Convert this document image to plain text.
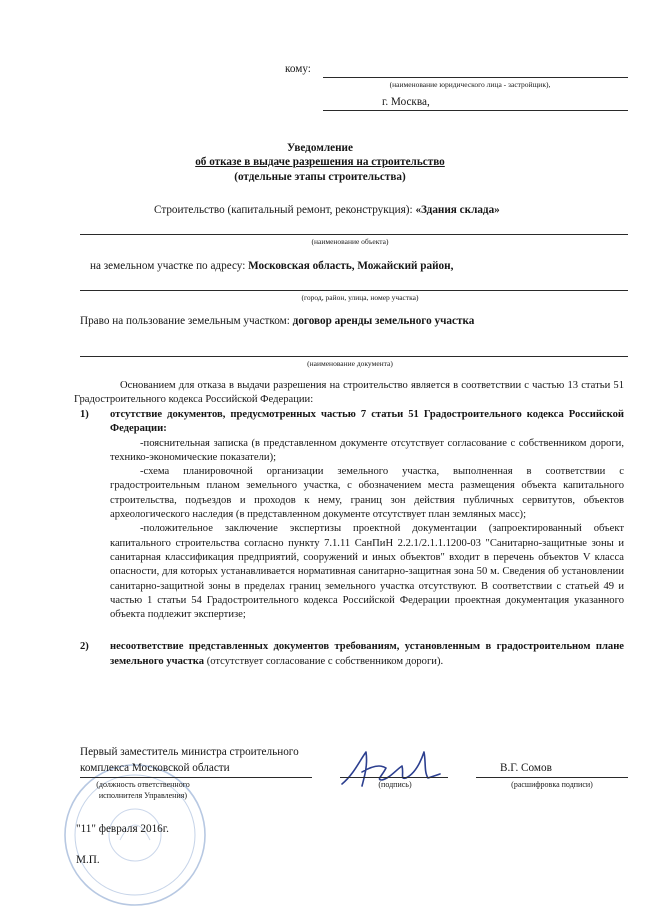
кому:
(наименование юридического лица - застройщик),
г. Москва,
Уведомление
об отказе в выдаче разрешения на строительство
(отдельные этапы строительства)
Строительство (капитальный ремонт, реконструкция): «Здания склада»
(наименование объекта)
на земельном участке по адресу: Московская область, Можайский район,
(город, район, улица, номер участка)
Право на пользование земельным участком: договор аренды земельного участка
(наименование документа)
Основанием для отказа в выдачи разрешения на строительство является в соответствии с частью 13 статьи 51 Градостроительного кодекса Российской Федерации:
1)	отсутствие документов, предусмотренных частью 7 статьи 51 Градостроительного кодекса Российской Федерации:
-пояснительная записка (в представленном документе отсутствует согласование с собственником дороги, технико-экономические показатели);
-схема планировочной организации земельного участка, выполненная в соответствии с градостроительным планом земельного участка, с обозначением места размещения объекта капитального строительства, подъездов и проходов к нему, границ зон действия публичных сервитутов, объектов археологического наследия (в представленном документе отсутствует план земляных масс);
-положительное заключение экспертизы проектной документации (запроектированный объект капитального строительства согласно пункту 7.1.11 СанПиН 2.2.1/2.1.1.1200-03 "Санитарно-защитные зоны и санитарная классификация предприятий, сооружений и иных объектов" входит в перечень объектов V класса опасности, для которых устанавливается нормативная санитарно-защитная зона 50 м. Сведения об установлении санитарно-защитной зоны в пределах границ земельного участка отсутствуют. В соответствии с статьей 49 и частью 1 статьи 54 Градостроительного кодекса Российской Федерации проектная документация указанного объекта подлежит экспертизе;
2)	несоответствие представленных документов требованиям, установленным в градостроительном плане земельного участка (отсутствует согласование с собственником дороги).
Первый заместитель министра строительного
комплекса Московской области
(должность ответственного
исполнителя Управления)
(подпись)
В.Г. Сомов
(расшифровка подписи)
"11" февраля 2016г.
М.П.
